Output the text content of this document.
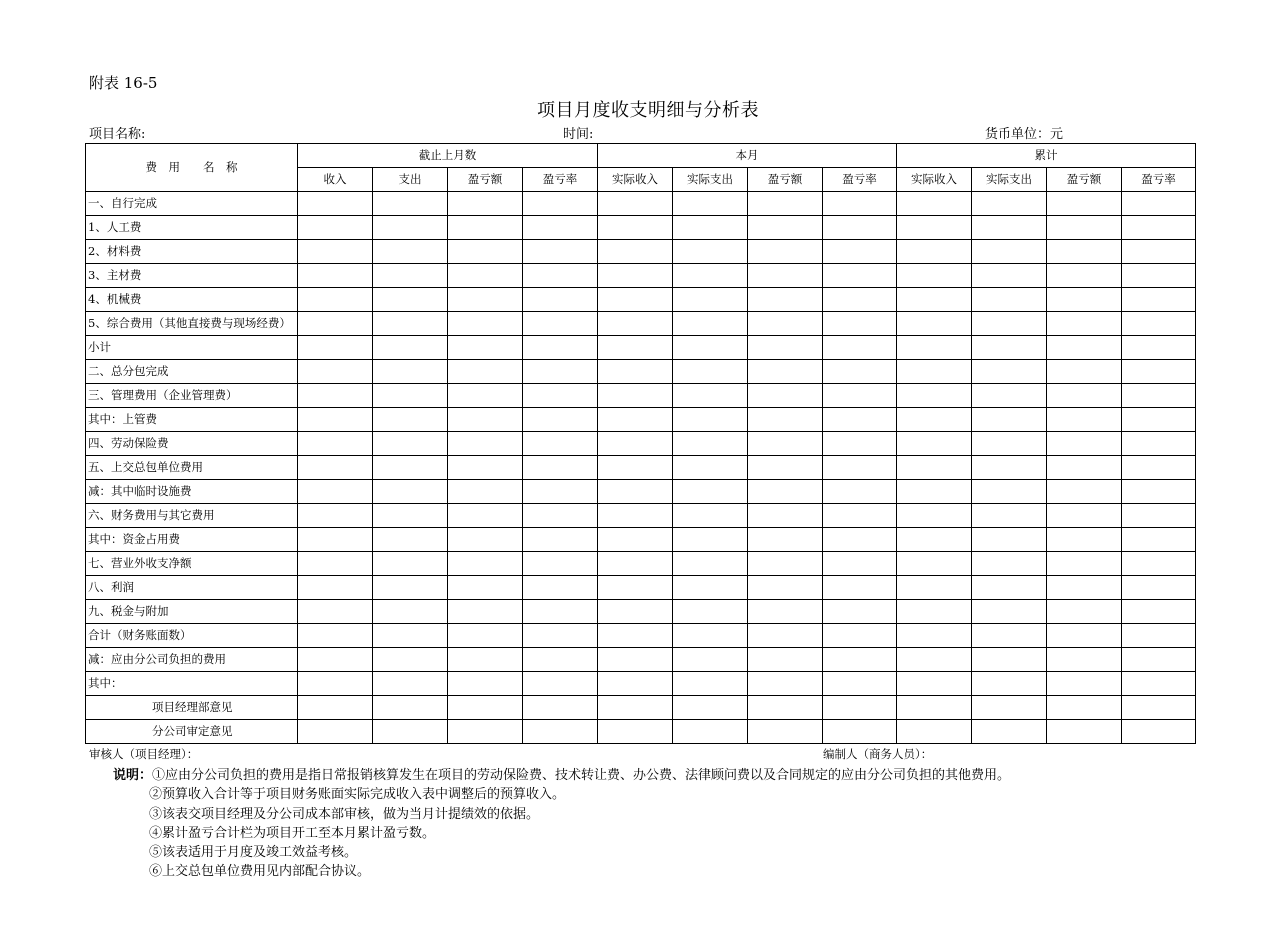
附表 16-5
项目月度收支明细与分析表
项目名称:	时间:	货币单位：元
费　用　　名　称	截止上月数				本月				累计			
	收入	支出	盈亏额	盈亏率	实际收入	实际支出	盈亏额	盈亏率	实际收入	实际支出	盈亏额	盈亏率
一、自行完成												
1、人工费												
2、材料费												
3、主材费												
4、机械费												
5、综合费用（其他直接费与现场经费）												
小计												
二、总分包完成												
三、管理费用（企业管理费）												
其中：上管费												
四、劳动保险费												
五、上交总包单位费用												
减：其中临时设施费												
六、财务费用与其它费用												
其中：资金占用费												
七、营业外收支净额												
八、利润												
九、税金与附加												
合计（财务账面数）												
减：应由分公司负担的费用												
其中：												
项目经理部意见												
分公司审定意见												
审核人（项目经理）：	编制人（商务人员）：
说明：①应由分公司负担的费用是指日常报销核算发生在项目的劳动保险费、技术转让费、办公费、法律顾问费以及合同规定的应由分公司负担的其他费用。
②预算收入合计等于项目财务账面实际完成收入表中调整后的预算收入。
③该表交项目经理及分公司成本部审核，做为当月计提绩效的依据。
④累计盈亏合计栏为项目开工至本月累计盈亏数。
⑤该表适用于月度及竣工效益考核。
⑥上交总包单位费用见内部配合协议。
